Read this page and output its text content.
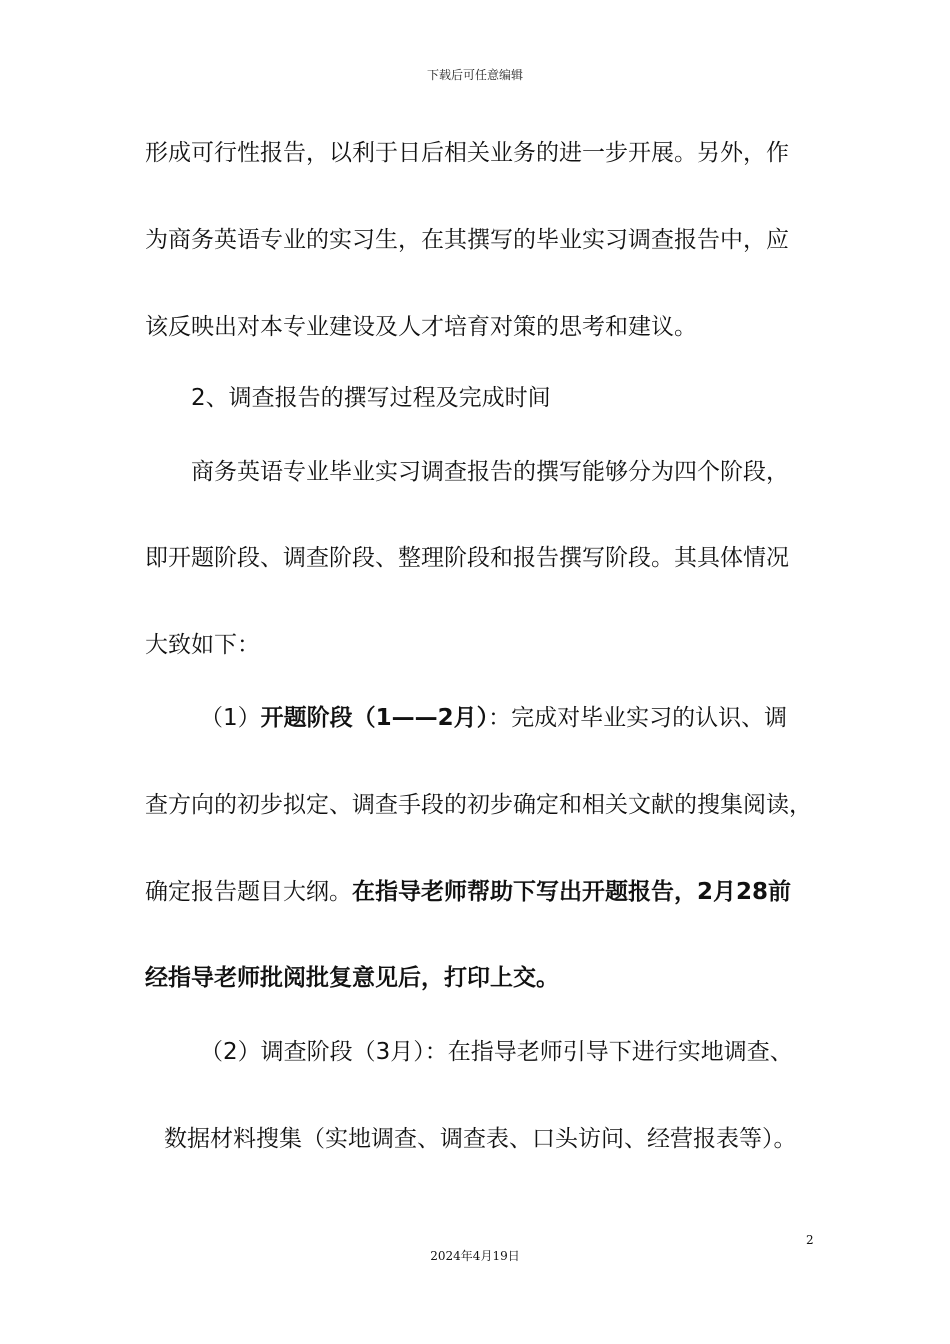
下载后可任意编辑
形成可行性报告，以利于日后相关业务的进一步开展。另外，作
为商务英语专业的实习生，在其撰写的毕业实习调查报告中，应
该反映出对本专业建设及人才培育对策的思考和建议。
2、调查报告的撰写过程及完成时间
商务英语专业毕业实习调查报告的撰写能够分为四个阶段，
即开题阶段、调查阶段、整理阶段和报告撰写阶段。其具体情况
大致如下：
（1）开题阶段（1——2月）：完成对毕业实习的认识、调
查方向的初步拟定、调查手段的初步确定和相关文献的搜集阅读，
确定报告题目大纲。在指导老师帮助下写出开题报告，2月28前
经指导老师批阅批复意见后，打印上交。
（2）调查阶段（3月）：在指导老师引导下进行实地调查、
数据材料搜集（实地调查、调查表、口头访问、经营报表等）。
2
2024年4月19日
